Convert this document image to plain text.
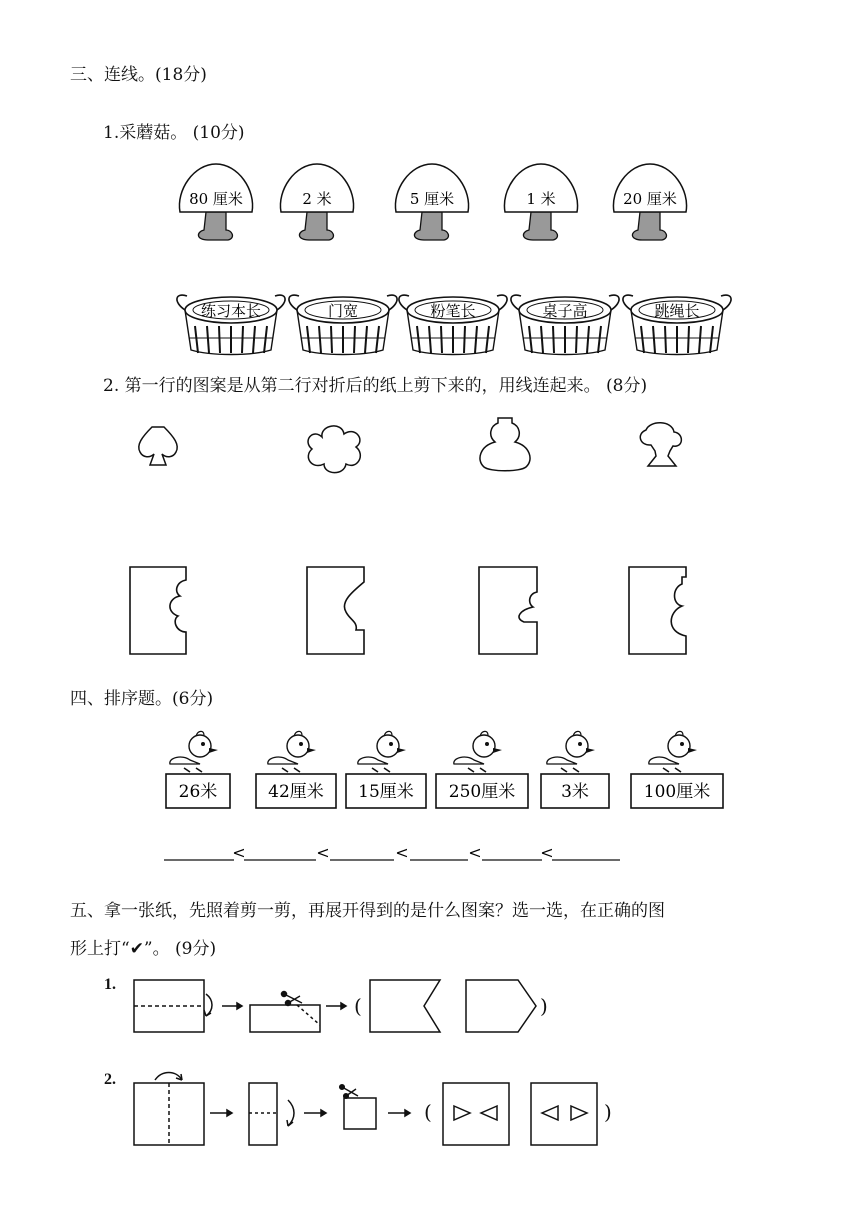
三、连线。(18分)
1.采蘑菇。 (10分)
80 厘米	2 米	5 厘米	1 米	20 厘米
练习本长	门宽	粉笔长	桌子高	跳绳长
2. 第一行的图案是从第二行对折后的纸上剪下来的，用线连起来。 (8分)
四、排序题。(6分)
26米	42厘米 15厘米 250厘米	3米	100厘米
<	<	<	<	<
五、拿一张纸，先照着剪一剪，再展开得到的是什么图案？选一选，在正确的图
形上打“✔”。 (9分)
1.
(	)
2.
(	)
